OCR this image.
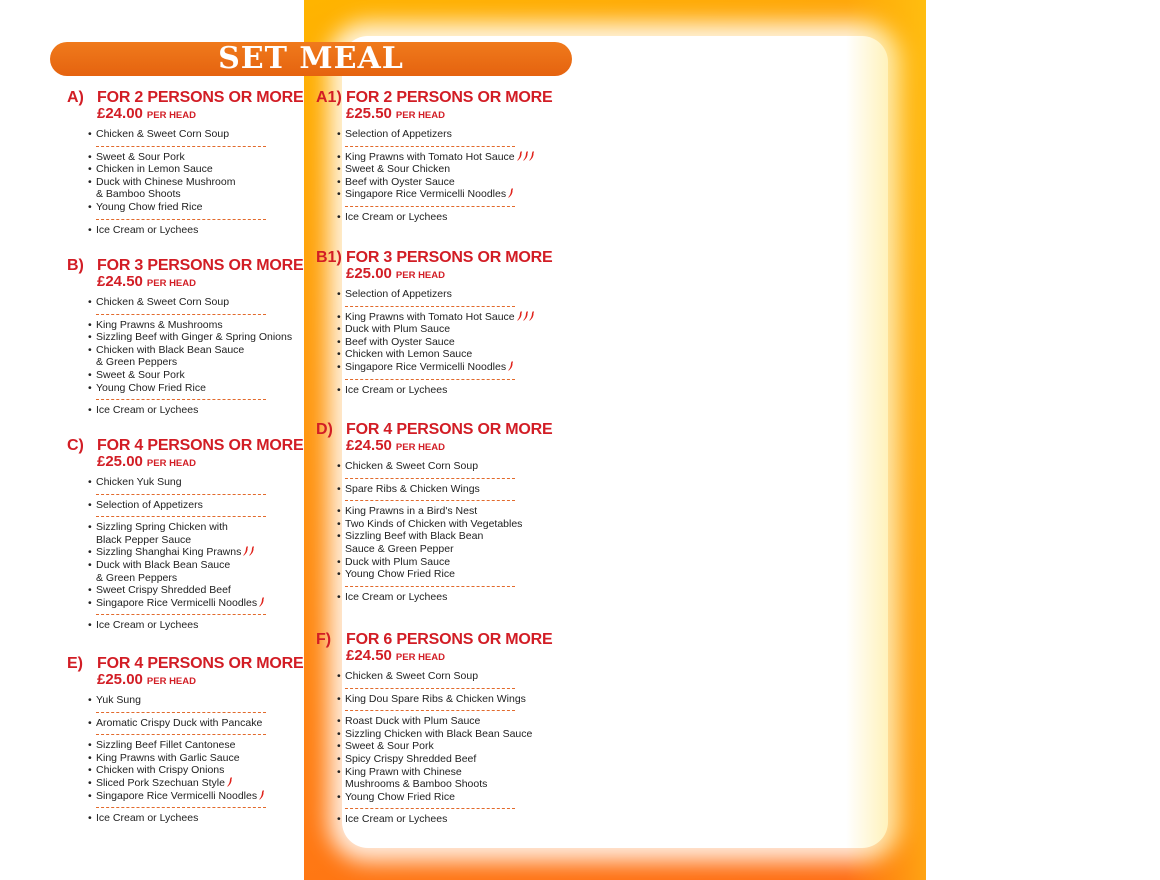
SET MEAL
A) FOR 2 PERSONS OR MORE
£24.00 PER HEAD
• Chicken & Sweet Corn Soup
• Sweet & Sour Pork
• Chicken in Lemon Sauce
• Duck with Chinese Mushroom
& Bamboo Shoots
• Young Chow fried Rice
• Ice Cream or Lychees
B) FOR 3 PERSONS OR MORE
£24.50 PER HEAD
• Chicken & Sweet Corn Soup
• King Prawns & Mushrooms
• Sizzling Beef with Ginger & Spring Onions
• Chicken with Black Bean Sauce
& Green Peppers
• Sweet & Sour Pork
• Young Chow Fried Rice
• Ice Cream or Lychees
C) FOR 4 PERSONS OR MORE
£25.00 PER HEAD
• Chicken Yuk Sung
• Selection of Appetizers
• Sizzling Spring Chicken with
Black Pepper Sauce
• Sizzling Shanghai King Prawns
• Duck with Black Bean Sauce
& Green Peppers
• Sweet Crispy Shredded Beef
• Singapore Rice Vermicelli Noodles
• Ice Cream or Lychees
E) FOR 4 PERSONS OR MORE
£25.00 PER HEAD
• Yuk Sung
• Aromatic Crispy Duck with Pancake
• Sizzling Beef Fillet Cantonese
• King Prawns with Garlic Sauce
• Chicken with Crispy Onions
• Sliced Pork Szechuan Style
• Singapore Rice Vermicelli Noodles
• Ice Cream or Lychees
A1) FOR 2 PERSONS OR MORE
£25.50 PER HEAD
• Selection of Appetizers
• King Prawns with Tomato Hot Sauce
• Sweet & Sour Chicken
• Beef with Oyster Sauce
• Singapore Rice Vermicelli Noodles
• Ice Cream or Lychees
B1) FOR 3 PERSONS OR MORE
£25.00 PER HEAD
• Selection of Appetizers
• King Prawns with Tomato Hot Sauce
• Duck with Plum Sauce
• Beef with Oyster Sauce
• Chicken with Lemon Sauce
• Singapore Rice Vermicelli Noodles
• Ice Cream or Lychees
D) FOR 4 PERSONS OR MORE
£24.50 PER HEAD
• Chicken & Sweet Corn Soup
• Spare Ribs & Chicken Wings
• King Prawns in a Bird's Nest
• Two Kinds of Chicken with Vegetables
• Sizzling Beef with Black Bean
Sauce & Green Pepper
• Duck with Plum Sauce
• Young Chow Fried Rice
• Ice Cream or Lychees
F) FOR 6 PERSONS OR MORE
£24.50 PER HEAD
• Chicken & Sweet Corn Soup
• King Dou Spare Ribs & Chicken Wings
• Roast Duck with Plum Sauce
• Sizzling Chicken with Black Bean Sauce
• Sweet & Sour Pork
• Spicy Crispy Shredded Beef
• King Prawn with Chinese
Mushrooms & Bamboo Shoots
• Young Chow Fried Rice
• Ice Cream or Lychees
